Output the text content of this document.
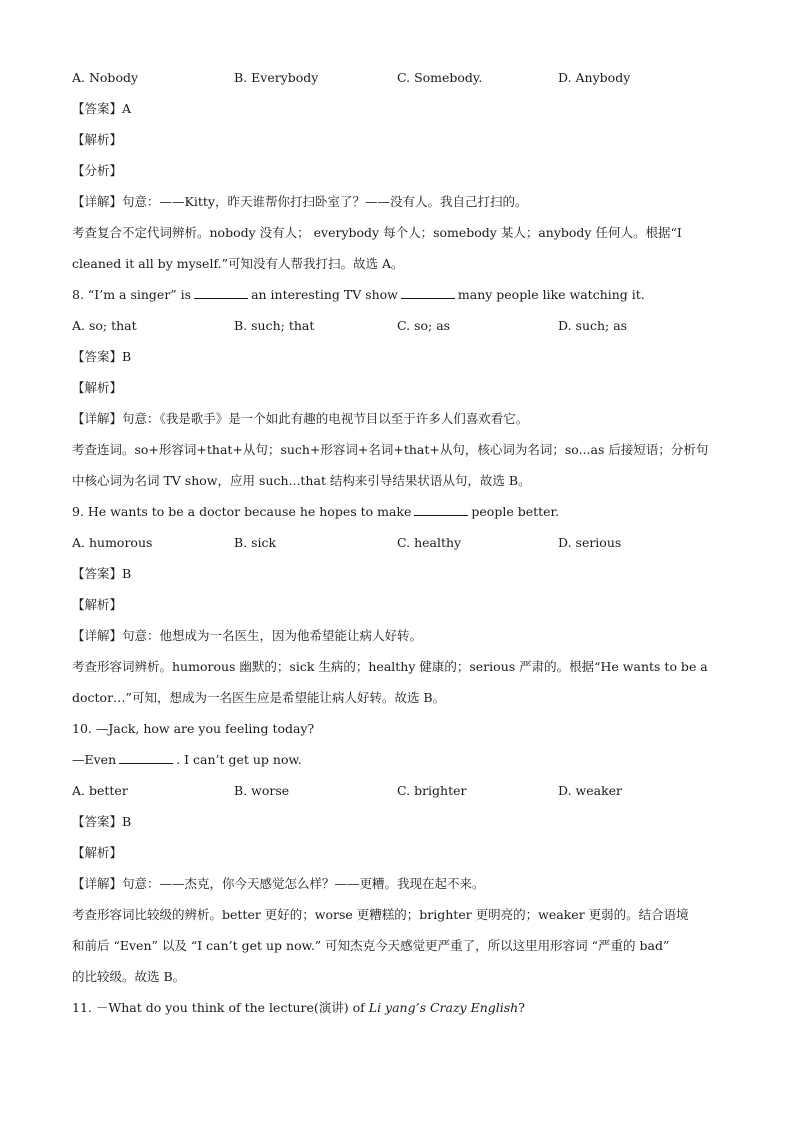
A. Nobody	B. Everybody	C. Somebody.	D. Anybody
【答案】A
【解析】
【分析】
【详解】句意：——Kitty，昨天谁帮你打扫卧室了？——没有人。我自己打扫的。
考查复合不定代词辨析。nobody 没有人； everybody 每个人；somebody 某人；anybody 任何人。根据“I
cleaned it all by myself.”可知没有人帮我打扫。故选 A。
8. “I’m a singer” is	an interesting TV show	many people like watching it.
A. so; that	B. such; that	C. so; as	D. such; as
【答案】B
【解析】
【详解】句意：《我是歌手》是一个如此有趣的电视节目以至于许多人们喜欢看它。
考查连词。so+形容词+that+从句；such+形容词+名词+that+从句，核心词为名词；so...as 后接短语；分析句
中核心词为名词 TV show，应用 such...that 结构来引导结果状语从句，故选 B。
9. He wants to be a doctor because he hopes to make	people better.
A. humorous	B. sick	C. healthy	D. serious
【答案】B
【解析】
【详解】句意：他想成为一名医生，因为他希望能让病人好转。
考查形容词辨析。humorous 幽默的；sick 生病的；healthy 健康的；serious 严肃的。根据“He wants to be a
doctor…”可知，想成为一名医生应是希望能让病人好转。故选 B。
10. —Jack, how are you feeling today?
—Even	. I can’t get up now.
A. better	B. worse	C. brighter	D. weaker
【答案】B
【解析】
【详解】句意：——杰克，你今天感觉怎么样？——更糟。我现在起不来。
考查形容词比较级的辨析。better 更好的；worse 更糟糕的；brighter 更明亮的；weaker 更弱的。结合语境
和前后 “Even” 以及 “I can’t get up now.” 可知杰克今天感觉更严重了，所以这里用形容词 “严重的 bad”
的比较级。故选 B。
11. －What do you think of the lecture(演讲) of Li yang’s Crazy English?
